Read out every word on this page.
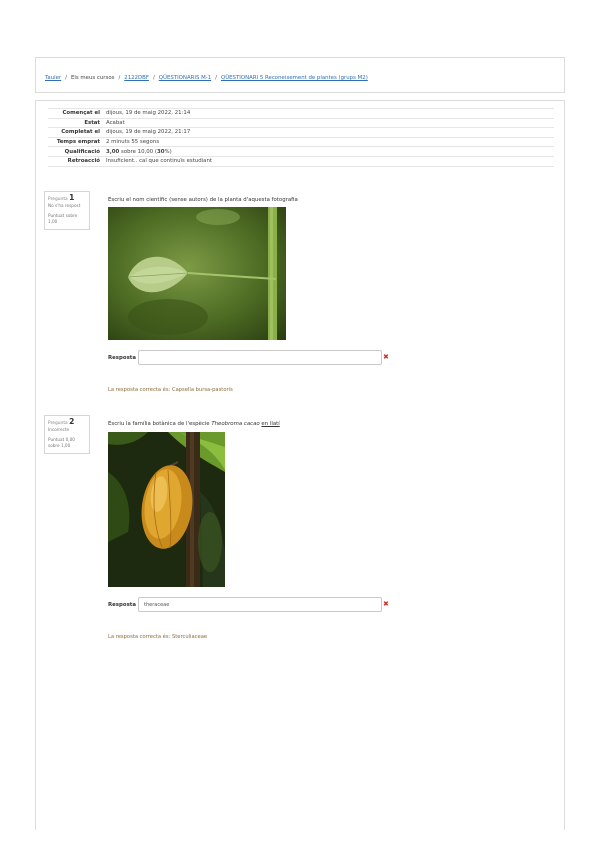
Tauler / Els meus cursos / 2122DBF / QÜESTIONARIS M-1 / QÜESTIONARI 5 Reconeixement de plantes (grups M2)
Començat el	dijous, 19 de maig 2022, 21:14
Estat	Acabat
Completat el	dijous, 19 de maig 2022, 21:17
Temps emprat	2 minuts 55 segons
Qualificació	3,00 sobre 10,00 (30%)
Retroacció	Insuficient.. cal que continuïs estudiant
Pregunta 1
No s'ha respost
Puntuat sobre 1,00
Escriu el nom científic (sense autors) de la planta d'aquesta fotografia
Resposta	✖
La resposta correcta és: Capsella bursa-pastoris
Pregunta 2
Incorrecte
Puntuat 0,00 sobre 1,00
Escriu la família botànica de l'espècie Theobroma cacao en llatí
Resposta	theraceae	✖
La resposta correcta és: Sterculiaceae
